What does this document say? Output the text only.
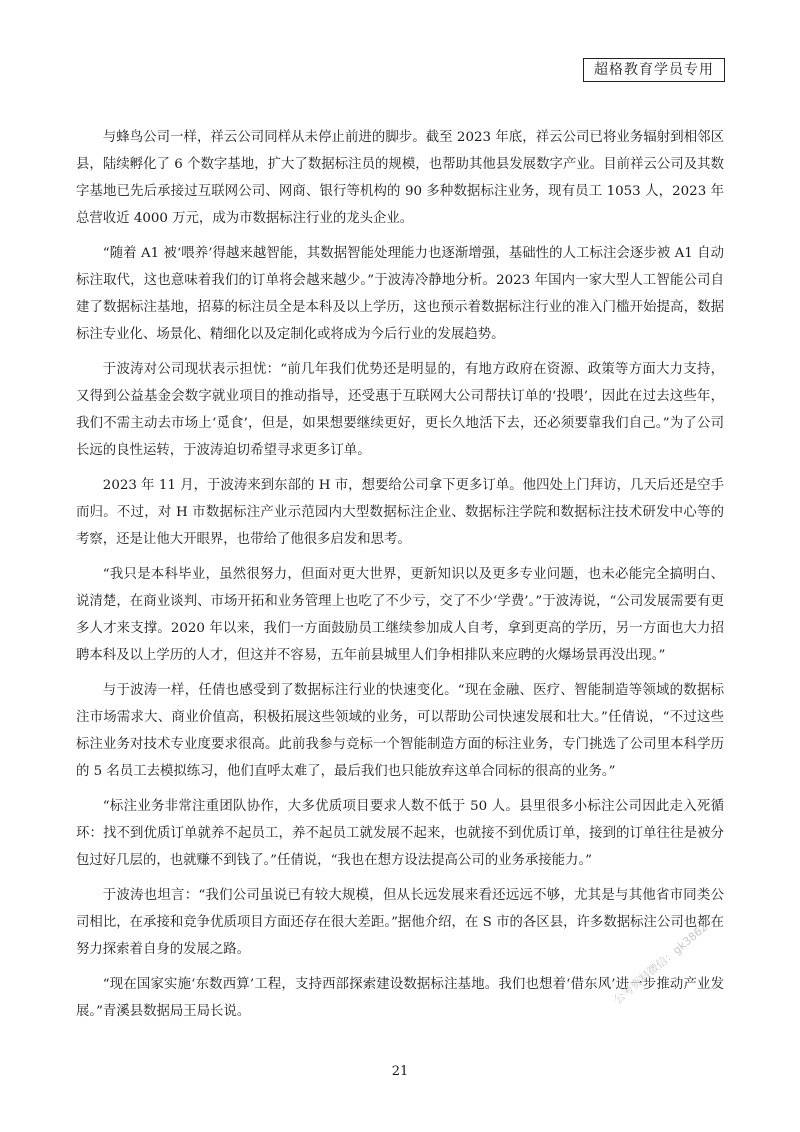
超格教育学员专用

与蜂鸟公司一样，祥云公司同样从未停止前进的脚步。截至 2023 年底，祥云公司已将业务辐射到相邻区县，陆续孵化了 6 个数字基地，扩大了数据标注员的规模，也帮助其他县发展数字产业。目前祥云公司及其数字基地已先后承接过互联网公司、网商、银行等机构的 90 多种数据标注业务，现有员工 1053 人，2023 年总营收近 4000 万元，成为市数据标注行业的龙头企业。

“随着 A1 被‘喂养’得越来越智能，其数据智能处理能力也逐渐增强，基础性的人工标注会逐步被 A1 自动标注取代，这也意味着我们的订单将会越来越少。”于波涛冷静地分析。2023 年国内一家大型人工智能公司自建了数据标注基地，招募的标注员全是本科及以上学历，这也预示着数据标注行业的准入门槛开始提高，数据标注专业化、场景化、精细化以及定制化或将成为今后行业的发展趋势。

于波涛对公司现状表示担忧：“前几年我们优势还是明显的，有地方政府在资源、政策等方面大力支持，又得到公益基金会数字就业项目的推动指导，还受惠于互联网大公司帮扶订单的‘投喂’，因此在过去这些年，我们不需主动去市场上‘觅食’，但是，如果想要继续更好，更长久地活下去，还必须要靠我们自己。”为了公司长远的良性运转，于波涛迫切希望寻求更多订单。

2023 年 11 月，于波涛来到东部的 H 市，想要给公司拿下更多订单。他四处上门拜访，几天后还是空手而归。不过，对 H 市数据标注产业示范园内大型数据标注企业、数据标注学院和数据标注技术研发中心等的考察，还是让他大开眼界，也带给了他很多启发和思考。

“我只是本科毕业，虽然很努力，但面对更大世界，更新知识以及更多专业问题，也未必能完全搞明白、说清楚，在商业谈判、市场开拓和业务管理上也吃了不少亏，交了不少‘学费’。”于波涛说，“公司发展需要有更多人才来支撑。2020 年以来，我们一方面鼓励员工继续参加成人自考，拿到更高的学历，另一方面也大力招聘本科及以上学历的人才，但这并不容易，五年前县城里人们争相排队来应聘的火爆场景再没出现。”

与于波涛一样，任倩也感受到了数据标注行业的快速变化。“现在金融、医疗、智能制造等领域的数据标注市场需求大、商业价值高，积极拓展这些领域的业务，可以帮助公司快速发展和壮大。”任倩说，“不过这些标注业务对技术专业度要求很高。此前我参与竞标一个智能制造方面的标注业务，专门挑选了公司里本科学历的 5 名员工去模拟练习，他们直呼太难了，最后我们也只能放弃这单合同标的很高的业务。”

“标注业务非常注重团队协作，大多优质项目要求人数不低于 50 人。县里很多小标注公司因此走入死循环：找不到优质订单就养不起员工，养不起员工就发展不起来，也就接不到优质订单，接到的订单往往是被分包过好几层的，也就赚不到钱了。”任倩说，“我也在想方设法提高公司的业务承接能力。”

于波涛也坦言：“我们公司虽说已有较大规模，但从长远发展来看还远远不够，尤其是与其他省市同类公司相比，在承接和竞争优质项目方面还存在很大差距。”据他介绍，在 S 市的各区县，许多数据标注公司也都在努力探索着自身的发展之路。

“现在国家实施‘东数西算’工程，支持西部探索建设数据标注基地。我们也想着‘借东风’进一步推动产业发展。”青溪县数据局王局长说。

公考资料微信：gk3862
21
